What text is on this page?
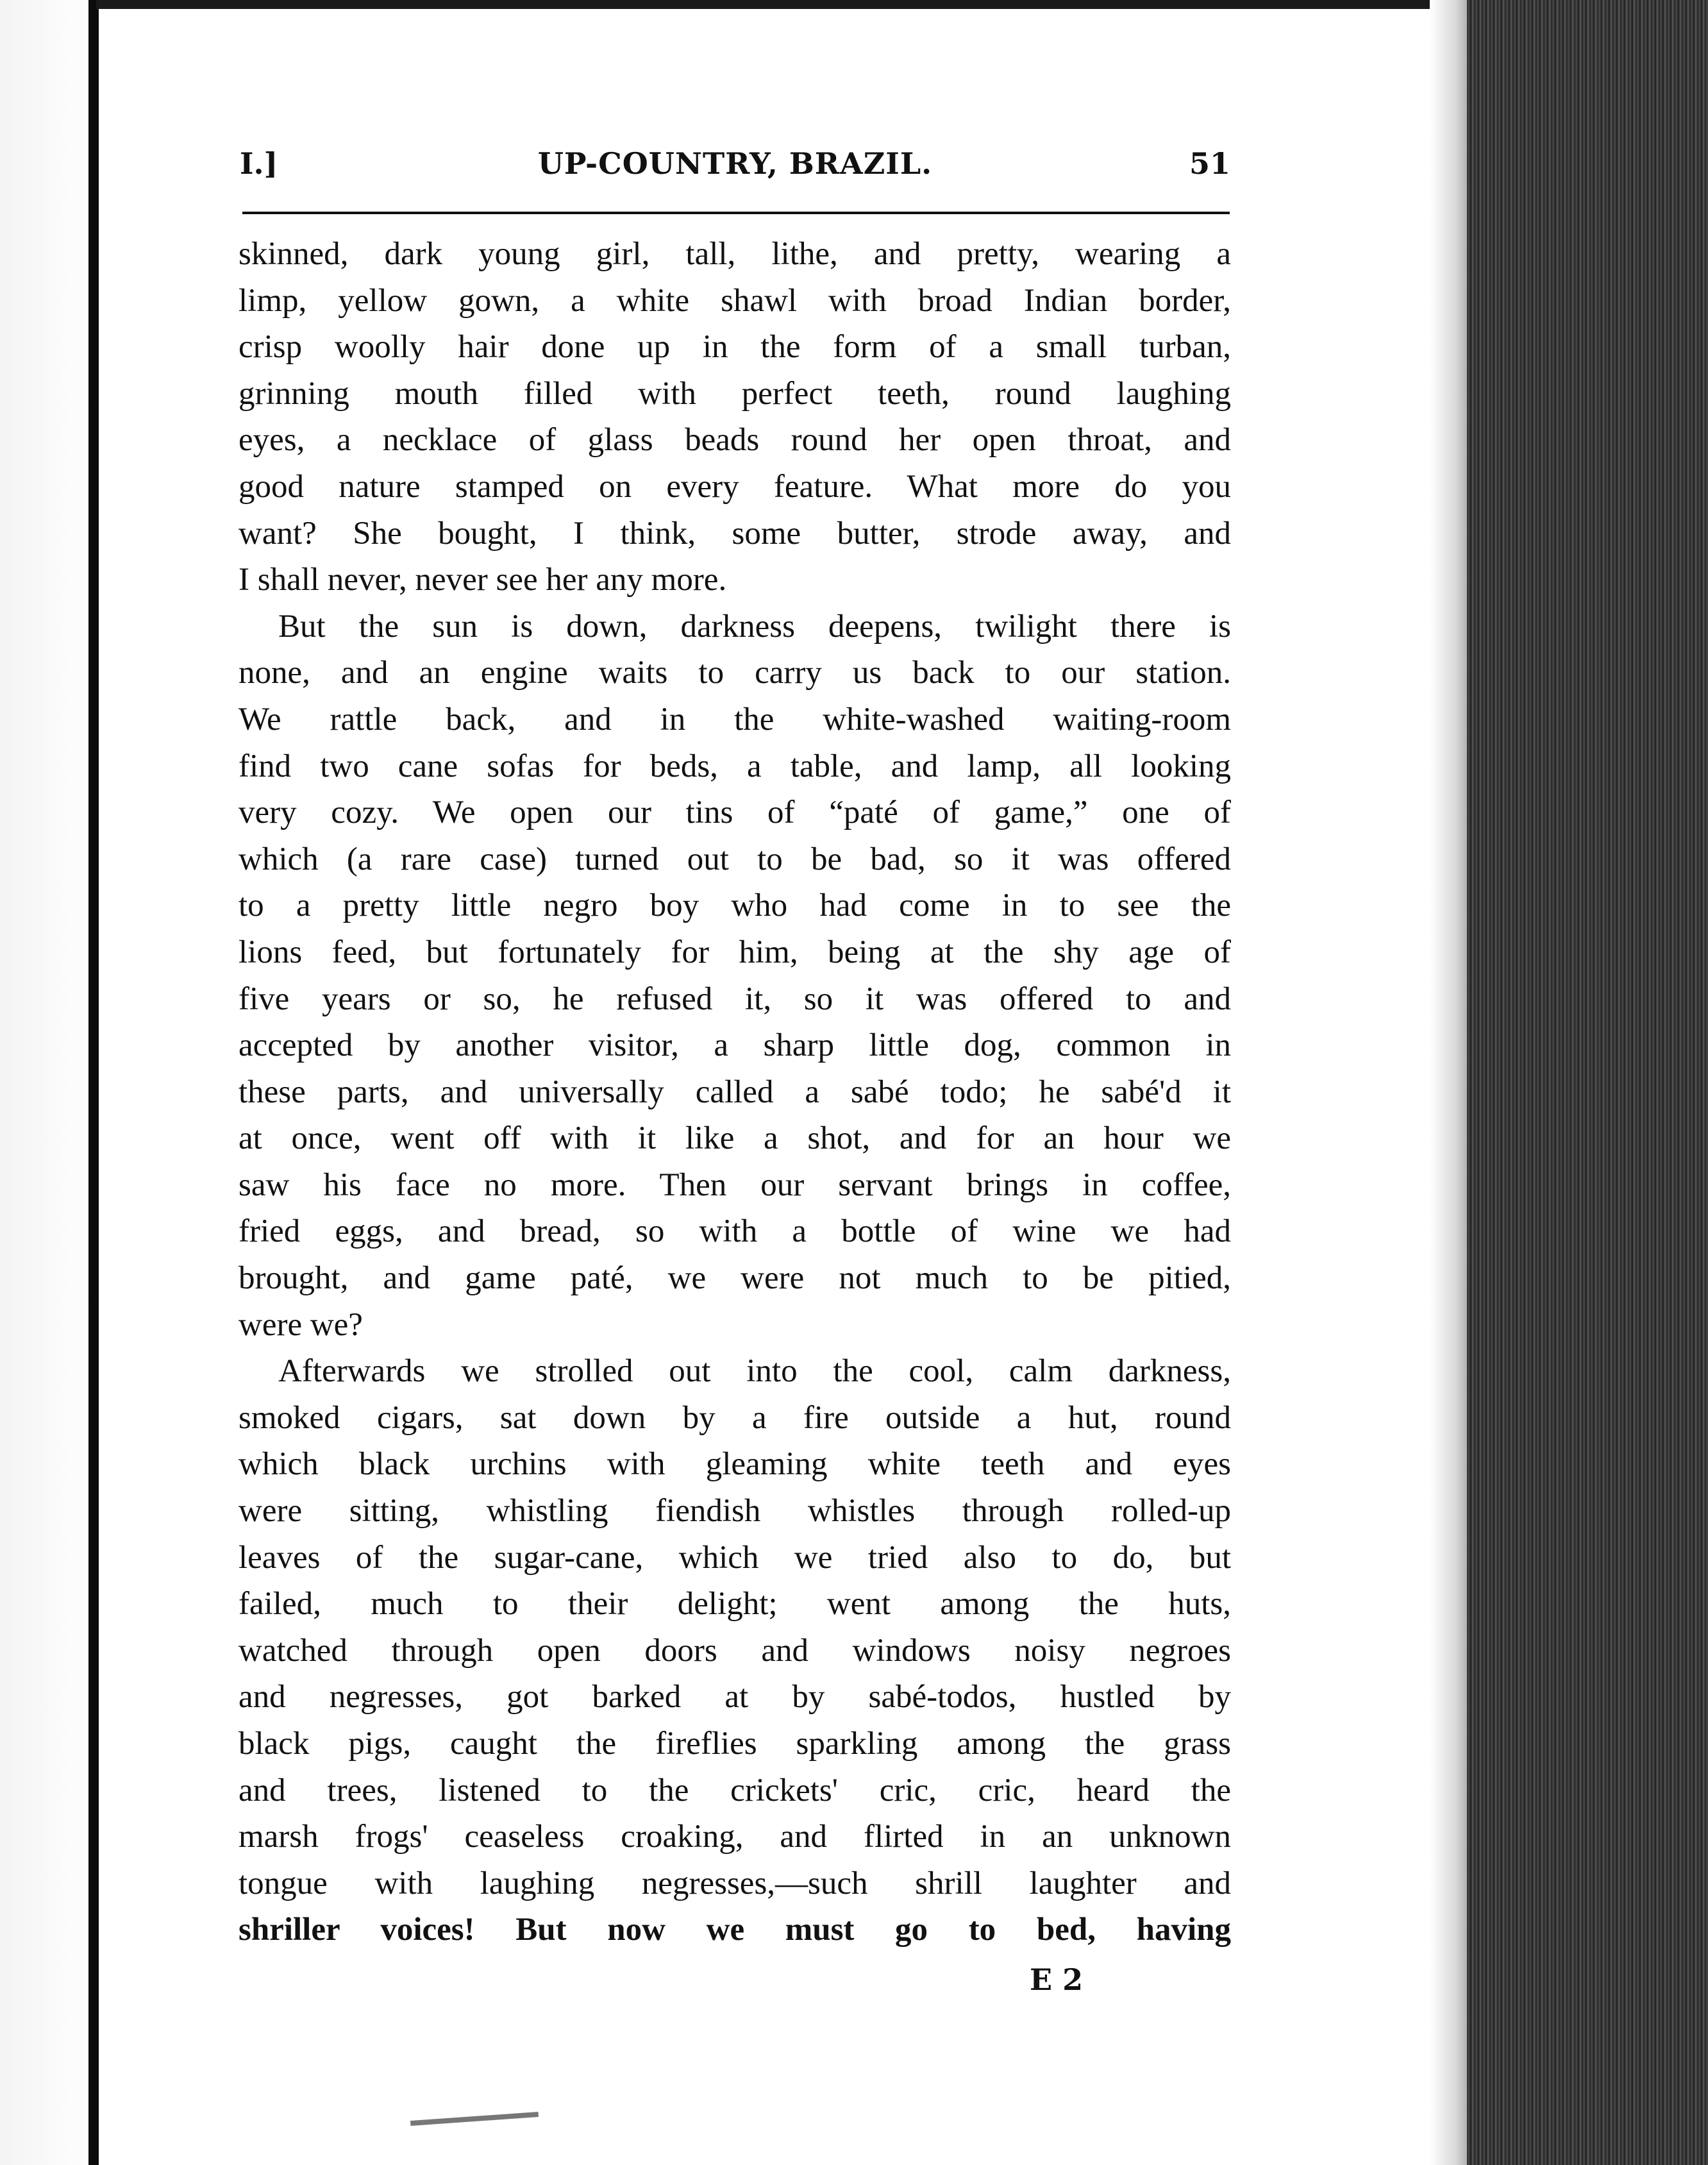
I.]	UP-COUNTRY, BRAZIL.	51
skinned, dark young girl, tall, lithe, and pretty, wearing a
limp, yellow gown, a white shawl with broad Indian border,
crisp woolly hair done up in the form of a small turban,
grinning mouth filled with perfect teeth, round laughing
eyes, a necklace of glass beads round her open throat, and
good nature stamped on every feature. What more do you
want? She bought, I think, some butter, strode away, and
I shall never, never see her any more.
But the sun is down, darkness deepens, twilight there is
none, and an engine waits to carry us back to our station.
We rattle back, and in the white-washed waiting-room
find two cane sofas for beds, a table, and lamp, all looking
very cozy. We open our tins of “paté of game,” one of
which (a rare case) turned out to be bad, so it was offered
to a pretty little negro boy who had come in to see the
lions feed, but fortunately for him, being at the shy age of
five years or so, he refused it, so it was offered to and
accepted by another visitor, a sharp little dog, common in
these parts, and universally called a sabé todo; he sabé'd it
at once, went off with it like a shot, and for an hour we
saw his face no more. Then our servant brings in coffee,
fried eggs, and bread, so with a bottle of wine we had
brought, and game paté, we were not much to be pitied,
were we?
Afterwards we strolled out into the cool, calm darkness,
smoked cigars, sat down by a fire outside a hut, round
which black urchins with gleaming white teeth and eyes
were sitting, whistling fiendish whistles through rolled-up
leaves of the sugar-cane, which we tried also to do, but
failed, much to their delight; went among the huts,
watched through open doors and windows noisy negroes
and negresses, got barked at by sabé-todos, hustled by
black pigs, caught the fireflies sparkling among the grass
and trees, listened to the crickets' cric, cric, heard the
marsh frogs' ceaseless croaking, and flirted in an unknown
tongue with laughing negresses,—such shrill laughter and
shriller voices! But now we must go to bed, having
E 2
